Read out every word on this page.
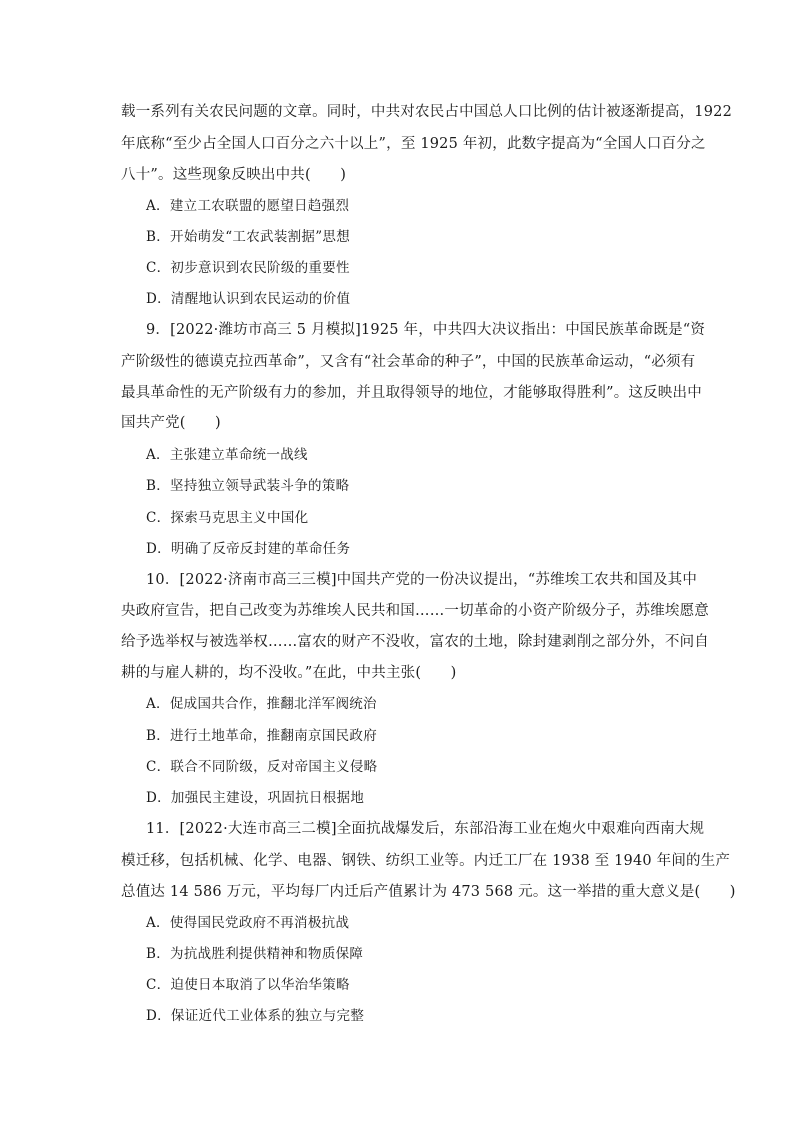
载一系列有关农民问题的文章。同时，中共对农民占中国总人口比例的估计被逐渐提高，1922
年底称“至少占全国人口百分之六十以上”，至 1925 年初，此数字提高为“全国人口百分之
八十”。这些现象反映出中共(　　)
A．建立工农联盟的愿望日趋强烈
B．开始萌发“工农武装割据”思想
C．初步意识到农民阶级的重要性
D．清醒地认识到农民运动的价值
9．[2022·潍坊市高三 5 月模拟]1925 年，中共四大决议指出：中国民族革命既是“资
产阶级性的德谟克拉西革命”，又含有“社会革命的种子”，中国的民族革命运动，“必须有
最具革命性的无产阶级有力的参加，并且取得领导的地位，才能够取得胜利”。这反映出中
国共产党(　　)
A．主张建立革命统一战线
B．坚持独立领导武装斗争的策略
C．探索马克思主义中国化
D．明确了反帝反封建的革命任务
10．[2022·济南市高三三模]中国共产党的一份决议提出，“苏维埃工农共和国及其中
央政府宣告，把自己改变为苏维埃人民共和国……一切革命的小资产阶级分子，苏维埃愿意
给予选举权与被选举权……富农的财产不没收，富农的土地，除封建剥削之部分外，不问自
耕的与雇人耕的，均不没收。”在此，中共主张(　　)
A．促成国共合作，推翻北洋军阀统治
B．进行土地革命，推翻南京国民政府
C．联合不同阶级，反对帝国主义侵略
D．加强民主建设，巩固抗日根据地
11．[2022·大连市高三二模]全面抗战爆发后，东部沿海工业在炮火中艰难向西南大规
模迁移，包括机械、化学、电器、钢铁、纺织工业等。内迁工厂在 1938 至 1940 年间的生产
总值达 14 586 万元，平均每厂内迁后产值累计为 473 568 元。这一举措的重大意义是(　　)
A．使得国民党政府不再消极抗战
B．为抗战胜利提供精神和物质保障
C．迫使日本取消了以华治华策略
D．保证近代工业体系的独立与完整
